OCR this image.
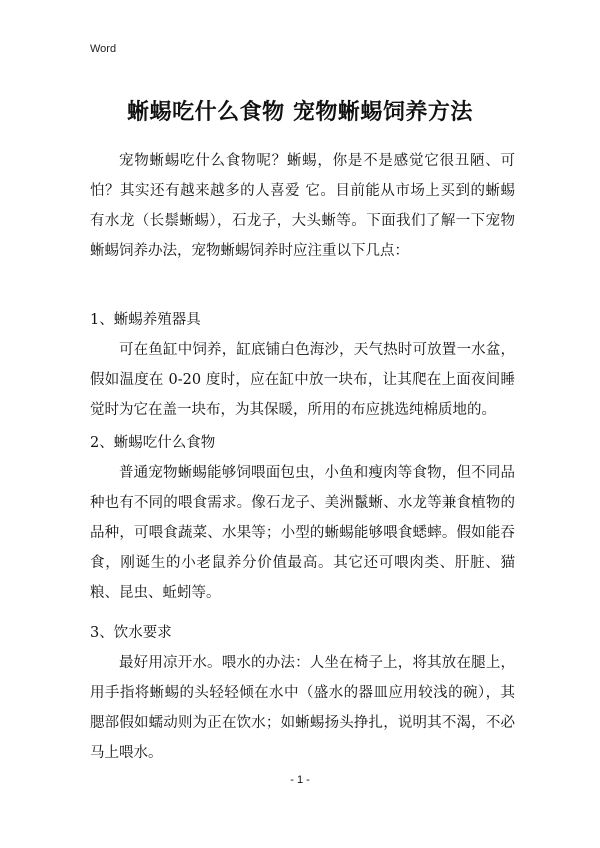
Word
蜥蜴吃什么食物 宠物蜥蜴饲养方法

宠物蜥蜴吃什么食物呢？蜥蜴，你是不是感觉它很丑陋、可怕？其实还有越来越多的人喜爱 它。目前能从市场上买到的蜥蜴有水龙（长鬃蜥蜴），石龙子，大头蜥等。下面我们了解一下宠物蜥蜴饲养办法，宠物蜥蜴饲养时应注重以下几点：

1、蜥蜴养殖器具

可在鱼缸中饲养，缸底铺白色海沙，天气热时可放置一水盆，假如温度在 0-20 度时，应在缸中放一块布，让其爬在上面夜间睡觉时为它在盖一块布，为其保暖，所用的布应挑选纯棉质地的。

2、蜥蜴吃什么食物

普通宠物蜥蜴能够饲喂面包虫，小鱼和瘦肉等食物，但不同品种也有不同的喂食需求。像石龙子、美洲鬣蜥、水龙等兼食植物的品种，可喂食蔬菜、水果等；小型的蜥蜴能够喂食蟋蟀。假如能吞食，刚诞生的小老鼠养分价值最高。其它还可喂肉类、肝脏、猫粮、昆虫、蚯蚓等。

3、饮水要求

最好用凉开水。喂水的办法：人坐在椅子上，将其放在腿上，用手指将蜥蜴的头轻轻倾在水中（盛水的器皿应用较浅的碗），其腮部假如蠕动则为正在饮水；如蜥蜴扬头挣扎，说明其不渴，不必马上喂水。

- 1 -
